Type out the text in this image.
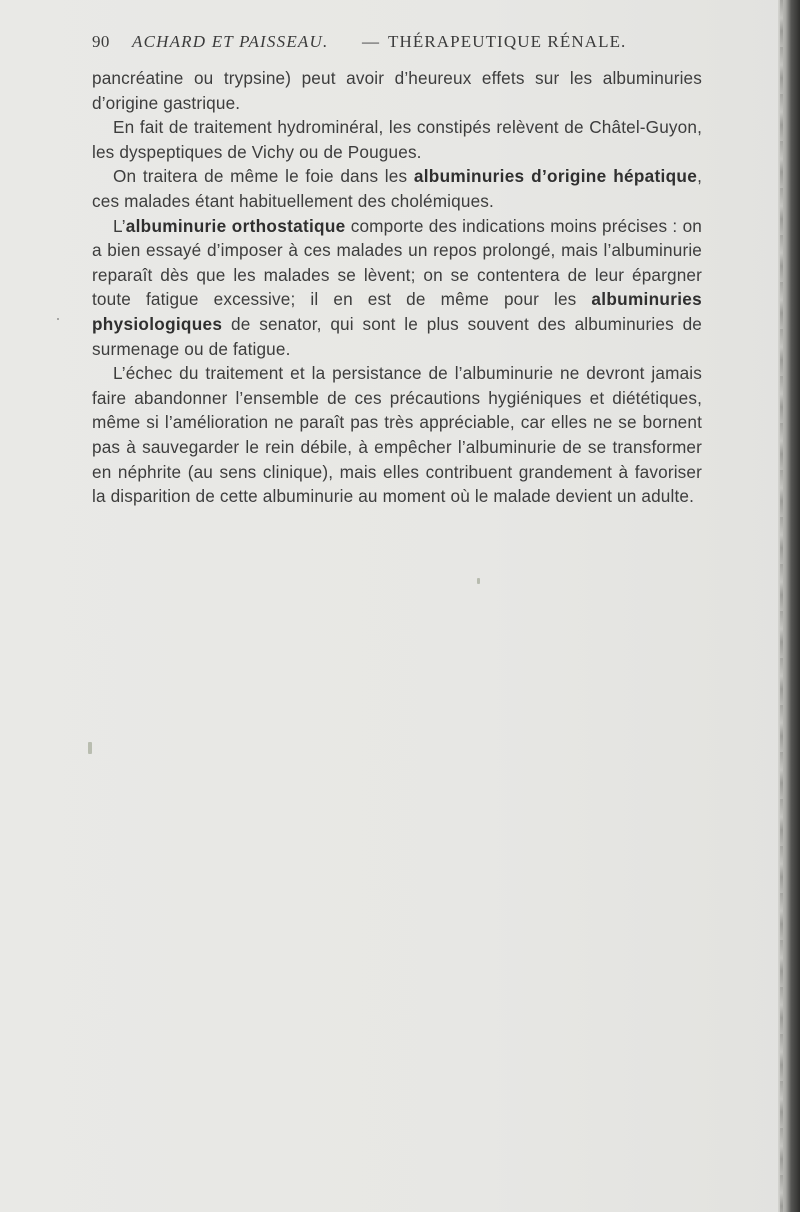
90 ACHARD ET PAISSEAU. — THÉRAPEUTIQUE RÉNALE.

pancréatine ou trypsine) peut avoir d’heureux effets sur les albuminuries d’origine gastrique.

En fait de traitement hydrominéral, les constipés relèvent de Châtel-Guyon, les dyspeptiques de Vichy ou de Pougues.

On traitera de même le foie dans les albuminuries d’origine hépatique, ces malades étant habituellement des cholémiques.

L’albuminurie orthostatique comporte des indications moins précises : on a bien essayé d’imposer à ces malades un repos prolongé, mais l’albuminurie reparaît dès que les malades se lèvent; on se contentera de leur épargner toute fatigue excessive; il en est de même pour les albuminuries physiologiques de senator, qui sont le plus souvent des albuminuries de surmenage ou de fatigue.

L’échec du traitement et la persistance de l’albuminurie ne devront jamais faire abandonner l’ensemble de ces précautions hygiéniques et diététiques, même si l’amélioration ne paraît pas très appréciable, car elles ne se bornent pas à sauvegarder le rein débile, à empêcher l’albuminurie de se transformer en néphrite (au sens clinique), mais elles contribuent grandement à favoriser la disparition de cette albuminurie au moment où le malade devient un adulte.
